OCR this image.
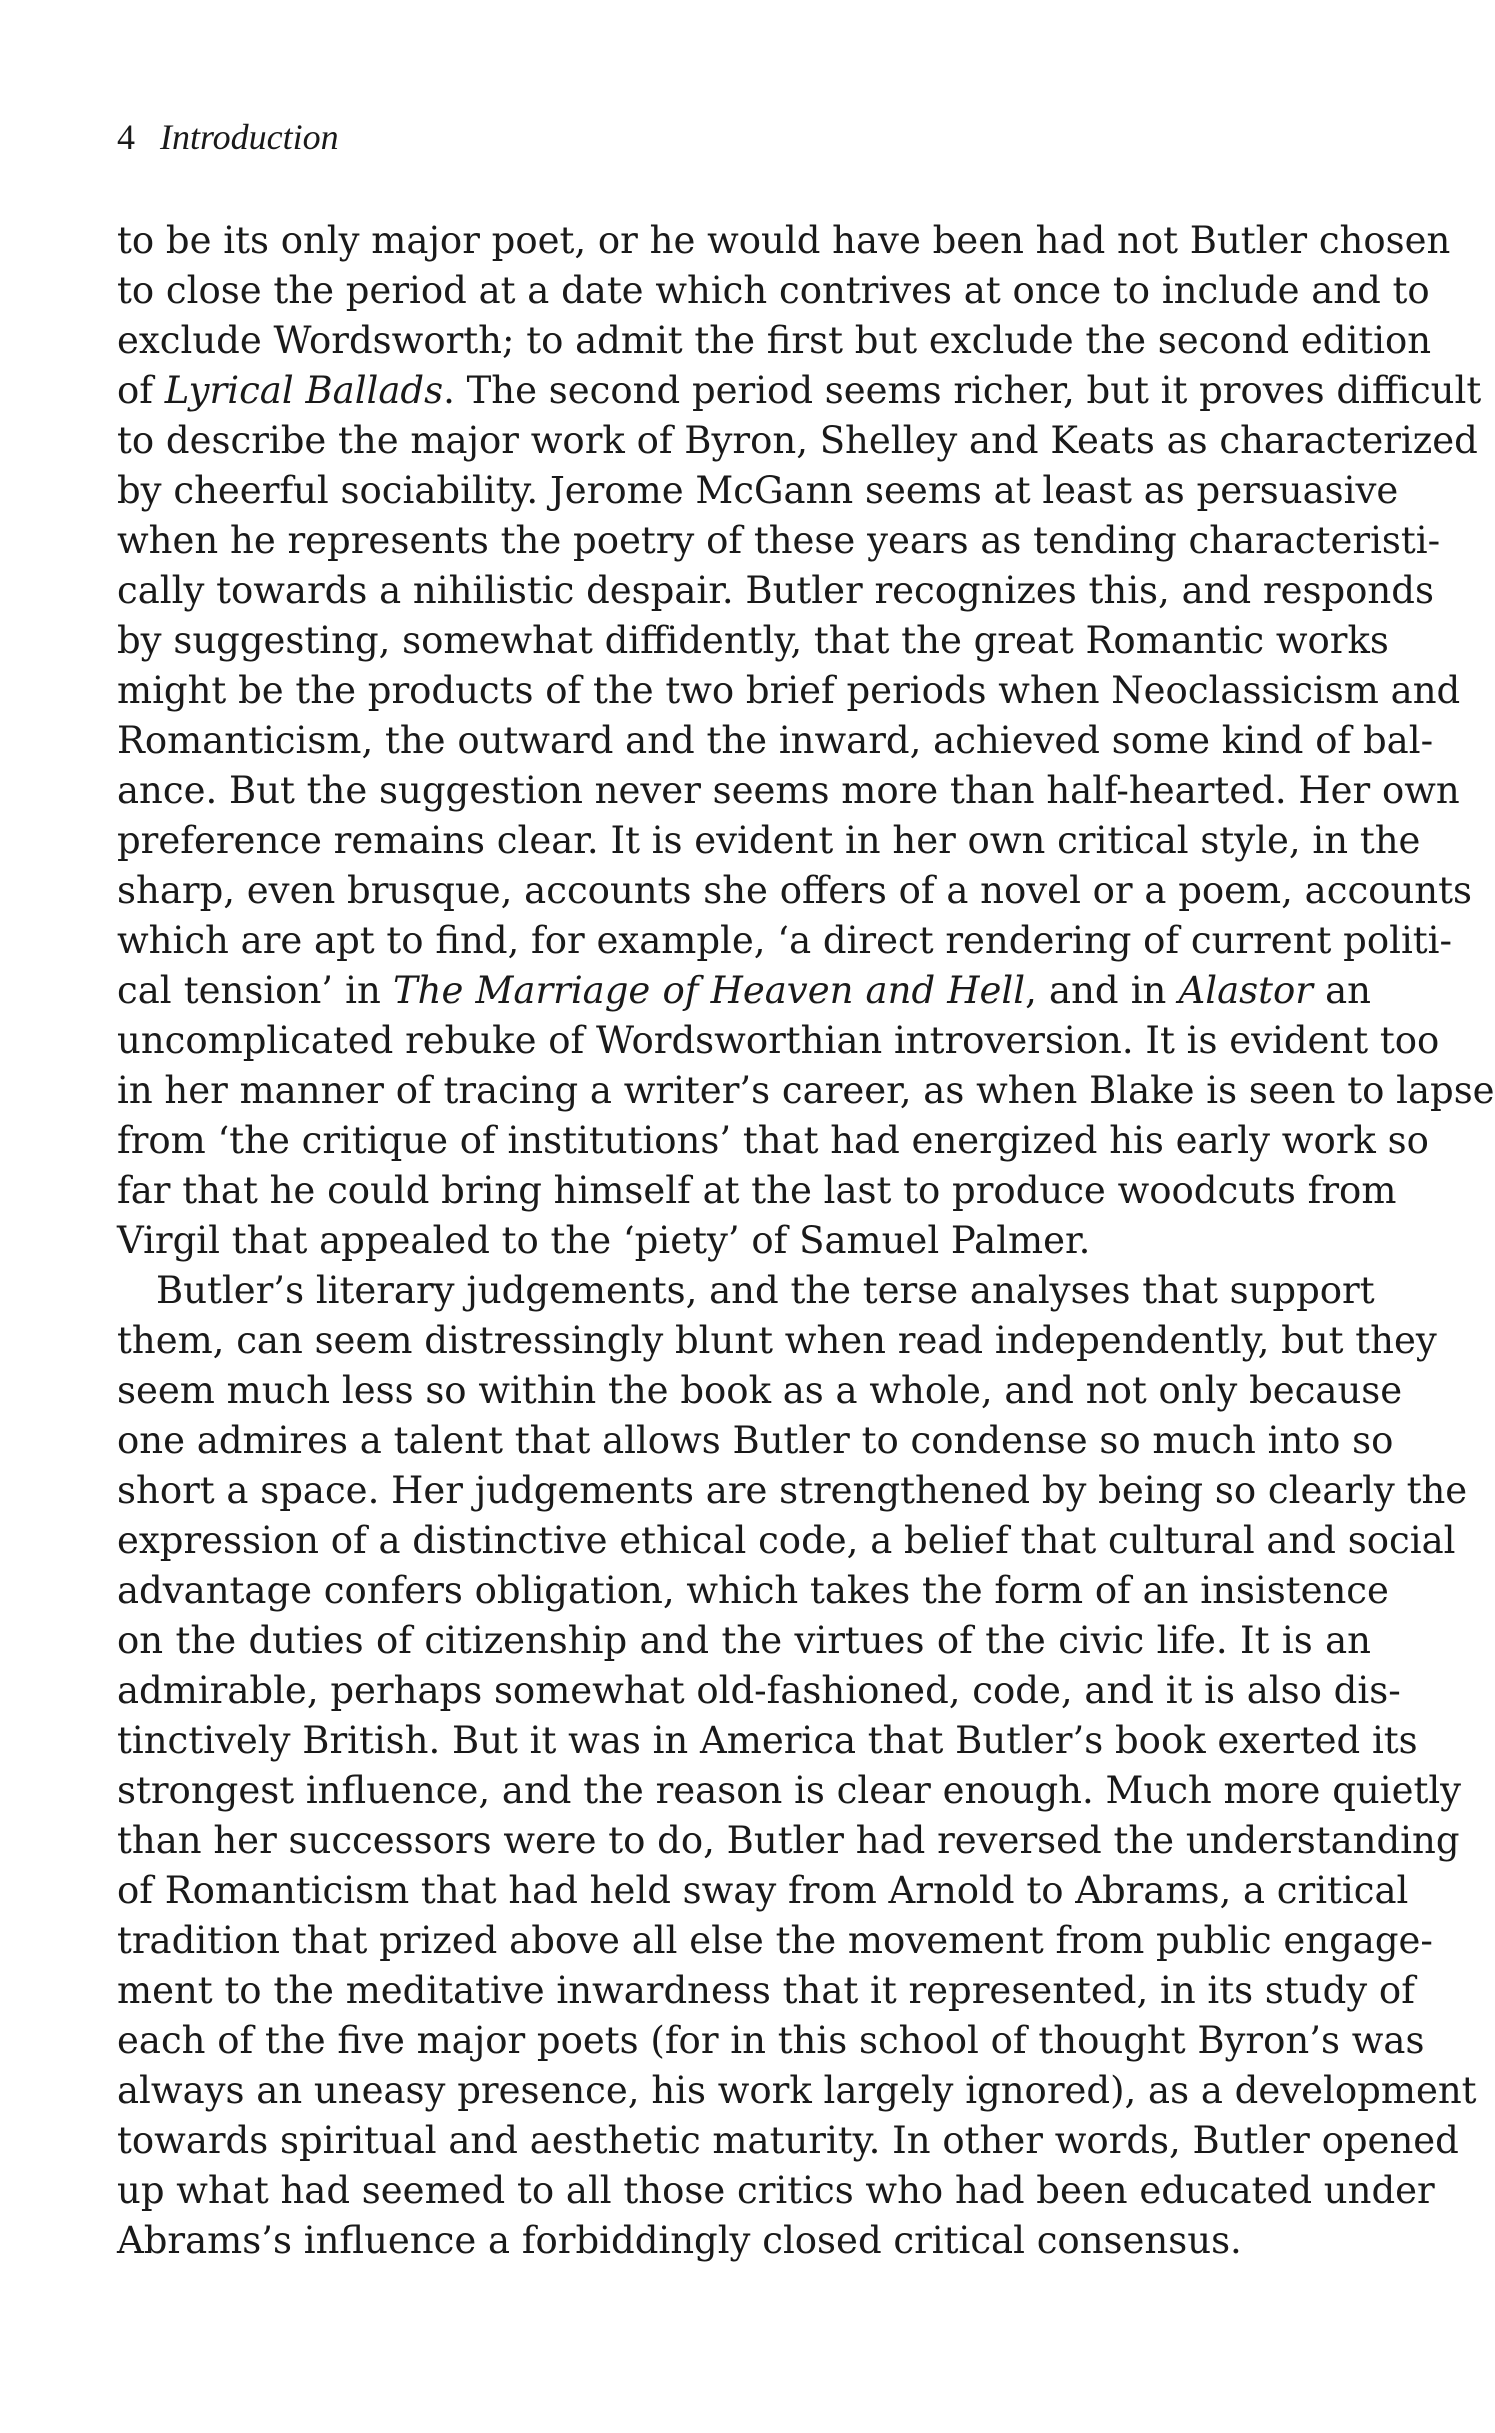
4 Introduction
to be its only major poet, or he would have been had not Butler chosen
to close the period at a date which contrives at once to include and to
exclude Wordsworth; to admit the first but exclude the second edition
of Lyrical Ballads. The second period seems richer, but it proves difficult
to describe the major work of Byron, Shelley and Keats as characterized
by cheerful sociability. Jerome McGann seems at least as persuasive
when he represents the poetry of these years as tending characteristi-
cally towards a nihilistic despair. Butler recognizes this, and responds
by suggesting, somewhat diffidently, that the great Romantic works
might be the products of the two brief periods when Neoclassicism and
Romanticism, the outward and the inward, achieved some kind of bal-
ance. But the suggestion never seems more than half-hearted. Her own
preference remains clear. It is evident in her own critical style, in the
sharp, even brusque, accounts she offers of a novel or a poem, accounts
which are apt to find, for example, ‘a direct rendering of current politi-
cal tension’ in The Marriage of Heaven and Hell, and in Alastor an
uncomplicated rebuke of Wordsworthian introversion. It is evident too
in her manner of tracing a writer’s career, as when Blake is seen to lapse
from ‘the critique of institutions’ that had energized his early work so
far that he could bring himself at the last to produce woodcuts from
Virgil that appealed to the ‘piety’ of Samuel Palmer.
Butler’s literary judgements, and the terse analyses that support
them, can seem distressingly blunt when read independently, but they
seem much less so within the book as a whole, and not only because
one admires a talent that allows Butler to condense so much into so
short a space. Her judgements are strengthened by being so clearly the
expression of a distinctive ethical code, a belief that cultural and social
advantage confers obligation, which takes the form of an insistence
on the duties of citizenship and the virtues of the civic life. It is an
admirable, perhaps somewhat old-fashioned, code, and it is also dis-
tinctively British. But it was in America that Butler’s book exerted its
strongest influence, and the reason is clear enough. Much more quietly
than her successors were to do, Butler had reversed the understanding
of Romanticism that had held sway from Arnold to Abrams, a critical
tradition that prized above all else the movement from public engage-
ment to the meditative inwardness that it represented, in its study of
each of the five major poets (for in this school of thought Byron’s was
always an uneasy presence, his work largely ignored), as a development
towards spiritual and aesthetic maturity. In other words, Butler opened
up what had seemed to all those critics who had been educated under
Abrams’s influence a forbiddingly closed critical consensus.
